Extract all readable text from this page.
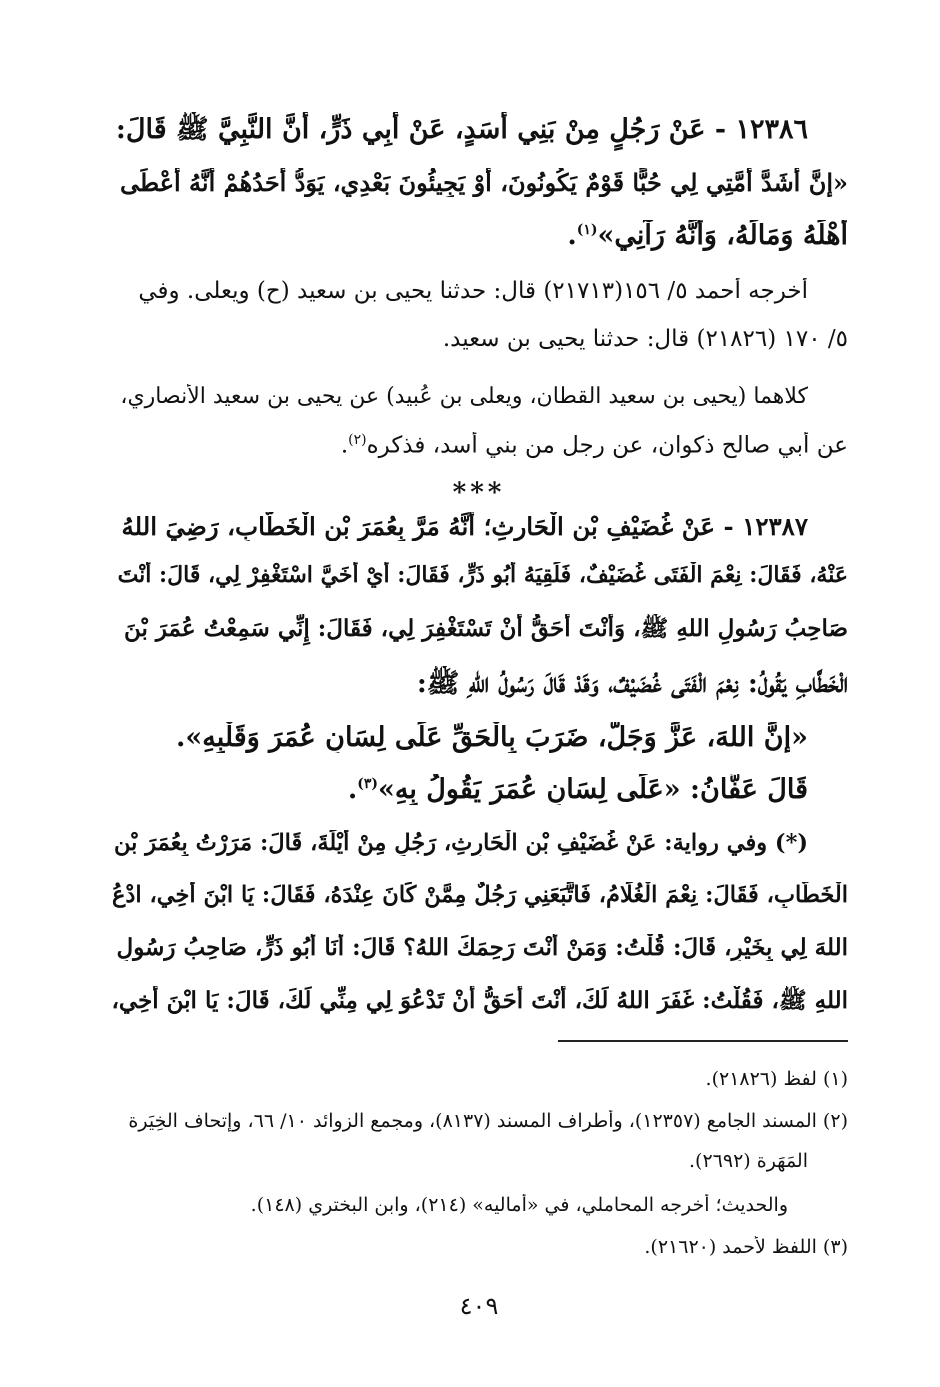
١٢٣٨٦ - عَنْ رَجُلٍ مِنْ بَنِي أَسَدٍ، عَنْ أَبِي ذَرٍّ، أَنَّ النَّبِيَّ ﷺ قَالَ:
«إِنَّ أَشَدَّ أُمَّتِي لِي حُبًّا قَوْمٌ يَكُونُونَ، أَوْ يَجِيئُونَ بَعْدِي، يَوَدُّ أَحَدُهُمْ أَنَّهُ أَعْطَى
أَهْلَهُ وَمَالَهُ، وَأَنَّهُ رَآنِي»$^{(١)}$.
أخرجه أحمد ٥/ ١٥٦(٢١٧١٣) قال: حدثنا يحيى بن سعيد (ح) ويعلى. وفي
٥/ ١٧٠ (٢١٨٢٦) قال: حدثنا يحيى بن سعيد.
كلاهما (يحيى بن سعيد القطان، ويعلى بن عُبيد) عن يحيى بن سعيد الأنصاري،
عن أبي صالح ذكوان، عن رجل من بني أسد، فذكره$^{(٢)}$.
***
١٢٣٨٧ - عَنْ غُضَيْفِ بْنِ الْحَارِثِ؛ أَنَّهُ مَرَّ بِعُمَرَ بْنِ الْخَطَّابِ، رَضِيَ اللهُ
عَنْهُ، فَقَالَ: نِعْمَ الْفَتَى غُضَيْفٌ، فَلَقِيَهُ أَبُو ذَرٍّ، فَقَالَ: أَيْ أُخَيَّ اسْتَغْفِرْ لِي، قَالَ: أَنْتَ
صَاحِبُ رَسُولِ اللهِ ﷺ، وَأَنْتَ أَحَقُّ أَنْ تَسْتَغْفِرَ لِي، فَقَالَ: إِنِّي سَمِعْتُ عُمَرَ بْنَ
الْخَطَّابِ يَقُولُ: نِعْمَ الْفَتَى غُضَيْفٌ، وَقَدْ قَالَ رَسُولُ اللهِ ﷺ:
«إِنَّ اللهَ، عَزَّ وَجَلَّ، ضَرَبَ بِالْحَقِّ عَلَى لِسَانِ عُمَرَ وَقَلْبِهِ».
قَالَ عَفَّانُ: «عَلَى لِسَانِ عُمَرَ يَقُولُ بِهِ»$^{(٣)}$.
(*) وفي رواية: عَنْ غُضَيْفِ بْنِ الْحَارِثِ، رَجُلٍ مِنْ أَيْلَةَ، قَالَ: مَرَرْتُ بِعُمَرَ بْنِ
الْخَطَّابِ، فَقَالَ: نِعْمَ الْغُلَامُ، فَاتَّبَعَنِي رَجُلٌ مِمَّنْ كَانَ عِنْدَهُ، فَقَالَ: يَا ابْنَ أَخِي، ادْعُ
اللهَ لِي بِخَيْرٍ، قَالَ: قُلْتُ: وَمَنْ أَنْتَ رَحِمَكَ اللهُ؟ قَالَ: أَنَا أَبُو ذَرٍّ، صَاحِبُ رَسُولِ
اللهِ ﷺ، فَقُلْتُ: غَفَرَ اللهُ لَكَ، أَنْتَ أَحَقُّ أَنْ تَدْعُوَ لِي مِنِّي لَكَ، قَالَ: يَا ابْنَ أَخِي،
(١) لفظ (٢١٨٢٦).
(٢) المسند الجامع (١٢٣٥٧)، وأطراف المسند (٨١٣٧)، ومجمع الزوائد ١٠/ ٦٦، وإتحاف الخِيَرة
المَهَرة (٢٦٩٢).
والحديث؛ أخرجه المحاملي، في «أماليه» (٢١٤)، وابن البختري (١٤٨).
(٣) اللفظ لأحمد (٢١٦٢٠).
٤٠٩
